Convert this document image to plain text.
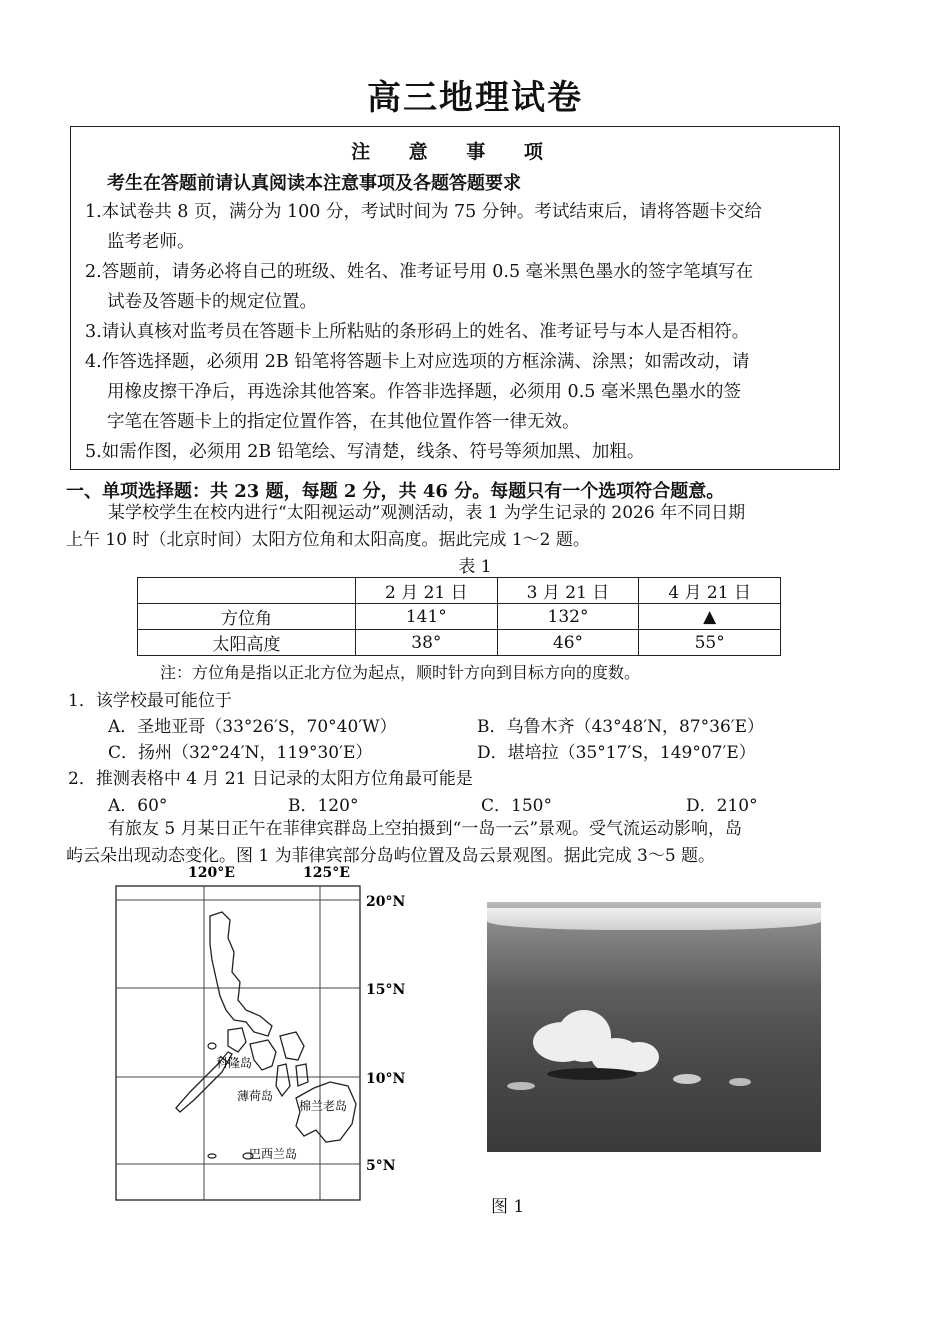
高三地理试卷
注 意 事 项
考生在答题前请认真阅读本注意事项及各题答题要求
1.本试卷共 8 页，满分为 100 分，考试时间为 75 分钟。考试结束后，请将答题卡交给
监考老师。
2.答题前，请务必将自己的班级、姓名、准考证号用 0.5 毫米黑色墨水的签字笔填写在
试卷及答题卡的规定位置。
3.请认真核对监考员在答题卡上所粘贴的条形码上的姓名、准考证号与本人是否相符。
4.作答选择题，必须用 2B 铅笔将答题卡上对应选项的方框涂满、涂黑；如需改动，请
用橡皮擦干净后，再选涂其他答案。作答非选择题，必须用 0.5 毫米黑色墨水的签
字笔在答题卡上的指定位置作答，在其他位置作答一律无效。
5.如需作图，必须用 2B 铅笔绘、写清楚，线条、符号等须加黑、加粗。
一、单项选择题：共 23 题，每题 2 分，共 46 分。每题只有一个选项符合题意。
某学校学生在校内进行“太阳视运动”观测活动，表 1 为学生记录的 2026 年不同日期
上午 10 时（北京时间）太阳方位角和太阳高度。据此完成 1～2 题。
表 1
	2 月 21 日	3 月 21 日	4 月 21 日
方位角	141°	132°	▲
太阳高度	38°	46°	55°
注：方位角是指以正北方位为起点，顺时针方向到目标方向的度数。
1．该学校最可能位于
A．圣地亚哥（33°26′S，70°40′W）	B．乌鲁木齐（43°48′N，87°36′E）
C．扬州（32°24′N，119°30′E）	D．堪培拉（35°17′S，149°07′E）
2．推测表格中 4 月 21 日记录的太阳方位角最可能是
A．60°	B．120°	C．150°	D．210°
有旅友 5 月某日正午在菲律宾群岛上空拍摄到“一岛一云”景观。受气流运动影响，岛
屿云朵出现动态变化。图 1 为菲律宾部分岛屿位置及岛云景观图。据此完成 3～5 题。
120°E	125°E
20°N
15°N
10°N
5°N
科隆岛
薄荷岛
棉兰老岛
巴西兰岛
图 1
